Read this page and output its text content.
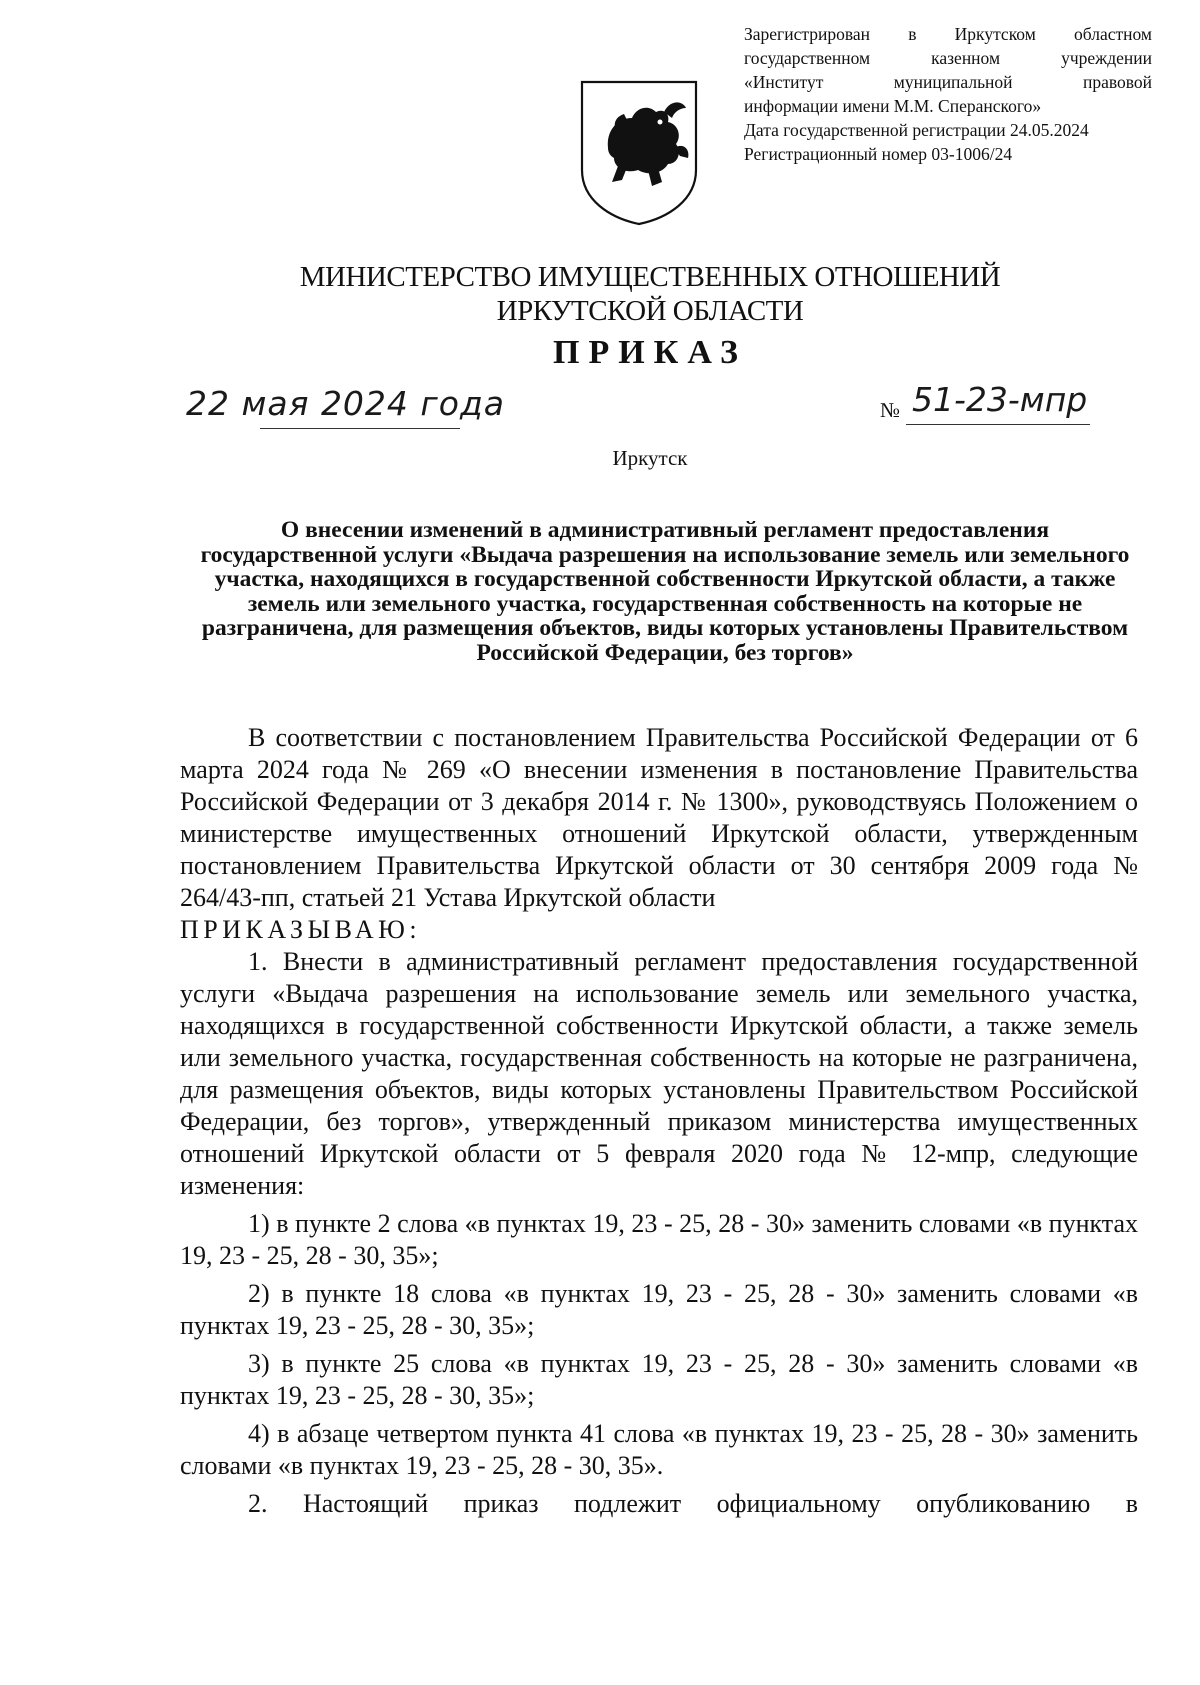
Зарегистрирован в Иркутском областном
государственном казенном учреждении
«Институт муниципальной правовой
информации имени М.М. Сперанского»
Дата государственной регистрации 24.05.2024
Регистрационный номер 03-1006/24
МИНИСТЕРСТВО ИМУЩЕСТВЕННЫХ ОТНОШЕНИЙ
ИРКУТСКОЙ ОБЛАСТИ
ПРИКАЗ
22 мая 2024 года	№ 51-23-мпр
Иркутск
О внесении изменений в административный регламент предоставления государственной услуги «Выдача разрешения на использование земель или земельного участка, находящихся в государственной собственности Иркутской области, а также земель или земельного участка, государственная собственность на которые не разграничена, для размещения объектов, виды которых установлены Правительством Российской Федерации, без торгов»

В соответствии с постановлением Правительства Российской Федерации от 6 марта 2024 года № 269 «О внесении изменения в постановление Правительства Российской Федерации от 3 декабря 2014 г. № 1300», руководствуясь Положением о министерстве имущественных отношений Иркутской области, утвержденным постановлением Правительства Иркутской области от 30 сентября 2009 года № 264/43-пп, статьей 21 Устава Иркутской области

ПРИКАЗЫВАЮ:

1. Внести в административный регламент предоставления государственной услуги «Выдача разрешения на использование земель или земельного участка, находящихся в государственной собственности Иркутской области, а также земель или земельного участка, государственная собственность на которые не разграничена, для размещения объектов, виды которых установлены Правительством Российской Федерации, без торгов», утвержденный приказом министерства имущественных отношений Иркутской области от 5 февраля 2020 года № 12-мпр, следующие изменения:

1) в пункте 2 слова «в пунктах 19, 23 - 25, 28 - 30» заменить словами «в пунктах 19, 23 - 25, 28 - 30, 35»;

2) в пункте 18 слова «в пунктах 19, 23 - 25, 28 - 30» заменить словами «в пунктах 19, 23 - 25, 28 - 30, 35»;

3) в пункте 25 слова «в пунктах 19, 23 - 25, 28 - 30» заменить словами «в пунктах 19, 23 - 25, 28 - 30, 35»;

4) в абзаце четвертом пункта 41 слова «в пунктах 19, 23 - 25, 28 - 30» заменить словами «в пунктах 19, 23 - 25, 28 - 30, 35».

2. Настоящий приказ подлежит официальному опубликованию в
